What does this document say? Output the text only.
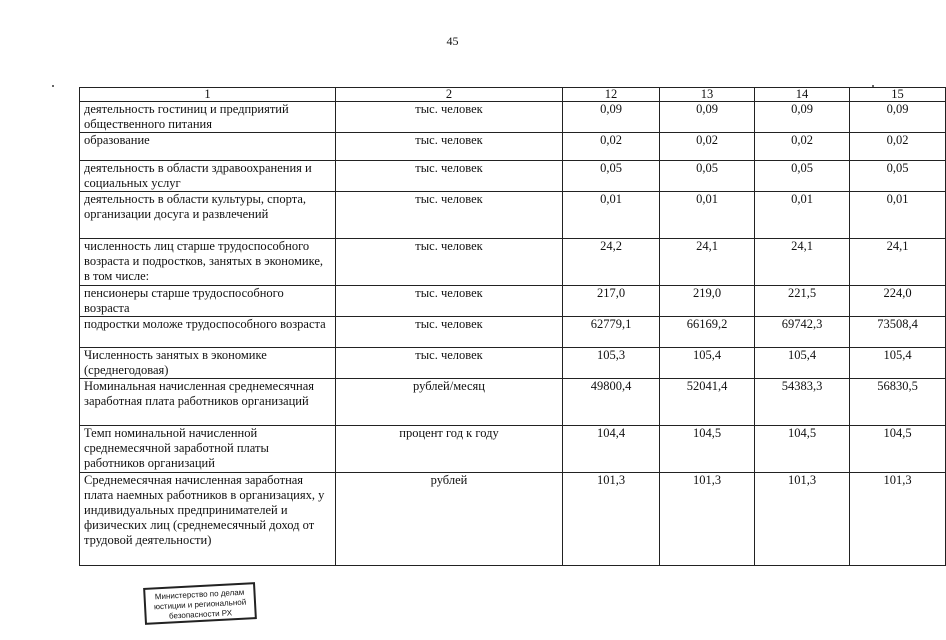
45
1	2	12	13	14	15
деятельность гостиниц и предприятий общественного питания	тыс. человек	0,09	0,09	0,09	0,09
образование	тыс. человек	0,02	0,02	0,02	0,02
деятельность в области здравоохранения и социальных услуг	тыс. человек	0,05	0,05	0,05	0,05
деятельность в области культуры, спорта, организации досуга и развлечений	тыс. человек	0,01	0,01	0,01	0,01
численность лиц старше трудоспособного возраста и подростков, занятых в экономике, в том числе:	тыс. человек	24,2	24,1	24,1	24,1
пенсионеры старше трудоспособного возраста	тыс. человек	217,0	219,0	221,5	224,0
подростки моложе трудоспособного возраста	тыс. человек	62779,1	66169,2	69742,3	73508,4
Численность занятых в экономике (среднегодовая)	тыс. человек	105,3	105,4	105,4	105,4
Номинальная начисленная среднемесячная заработная плата работников организаций	рублей/месяц	49800,4	52041,4	54383,3	56830,5
Темп номинальной начисленной среднемесячной заработной платы работников организаций	процент год к году	104,4	104,5	104,5	104,5
Среднемесячная начисленная заработная плата наемных работников в организациях, у индивидуальных предпринимателей и физических лиц (среднемесячный доход от трудовой деятельности)	рублей	101,3	101,3	101,3	101,3
Министерство по делам
юстиции и региональной
безопасности РХ
